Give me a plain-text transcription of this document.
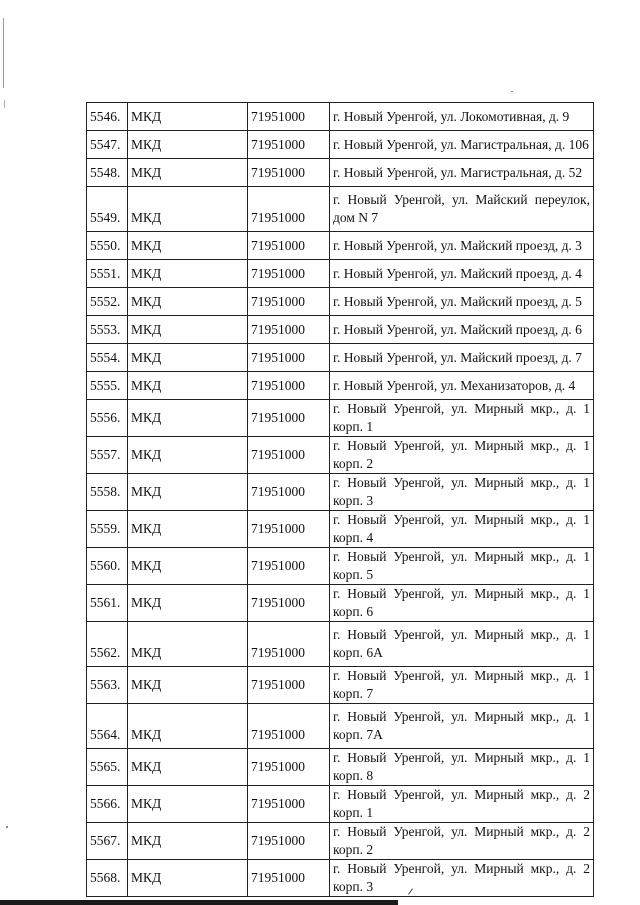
5546.	МКД	71951000	г. Новый Уренгой, ул. Локомотивная, д. 9
5547.	МКД	71951000	г. Новый Уренгой, ул. Магистральная, д. 106
5548.	МКД	71951000	г. Новый Уренгой, ул. Магистральная, д. 52
5549.	МКД	71951000	г. Новый Уренгой, ул. Майский переулок, дом N 7
5550.	МКД	71951000	г. Новый Уренгой, ул. Майский проезд, д. 3
5551.	МКД	71951000	г. Новый Уренгой, ул. Майский проезд, д. 4
5552.	МКД	71951000	г. Новый Уренгой, ул. Майский проезд, д. 5
5553.	МКД	71951000	г. Новый Уренгой, ул. Майский проезд, д. 6
5554.	МКД	71951000	г. Новый Уренгой, ул. Майский проезд, д. 7
5555.	МКД	71951000	г. Новый Уренгой, ул. Механизаторов, д. 4
5556.	МКД	71951000	г. Новый Уренгой, ул. Мирный мкр., д. 1 корп. 1
5557.	МКД	71951000	г. Новый Уренгой, ул. Мирный мкр., д. 1 корп. 2
5558.	МКД	71951000	г. Новый Уренгой, ул. Мирный мкр., д. 1 корп. 3
5559.	МКД	71951000	г. Новый Уренгой, ул. Мирный мкр., д. 1 корп. 4
5560.	МКД	71951000	г. Новый Уренгой, ул. Мирный мкр., д. 1 корп. 5
5561.	МКД	71951000	г. Новый Уренгой, ул. Мирный мкр., д. 1 корп. 6
5562.	МКД	71951000	г. Новый Уренгой, ул. Мирный мкр., д. 1 корп. 6А
5563.	МКД	71951000	г. Новый Уренгой, ул. Мирный мкр., д. 1 корп. 7
5564.	МКД	71951000	г. Новый Уренгой, ул. Мирный мкр., д. 1 корп. 7А
5565.	МКД	71951000	г. Новый Уренгой, ул. Мирный мкр., д. 1 корп. 8
5566.	МКД	71951000	г. Новый Уренгой, ул. Мирный мкр., д. 2 корп. 1
5567.	МКД	71951000	г. Новый Уренгой, ул. Мирный мкр., д. 2 корп. 2
5568.	МКД	71951000	г. Новый Уренгой, ул. Мирный мкр., д. 2 корп. 3
